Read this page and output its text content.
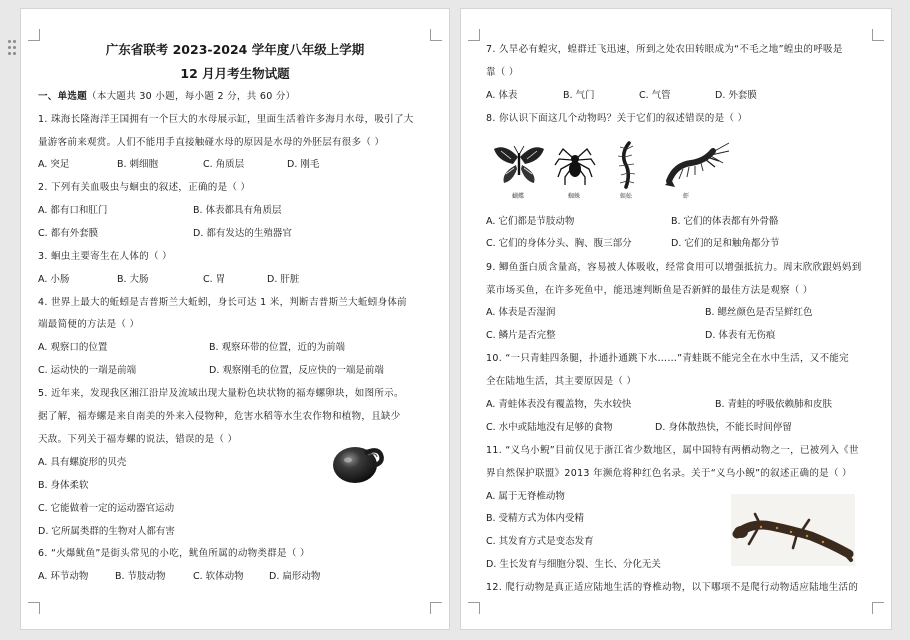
广东省联考 2023-2024 学年度八年级上学期
12 月月考生物试题
一、单选题（本大题共 30 小题，每小题 2 分，共 60 分）
1. 珠海长隆海洋王国拥有一个巨大的水母展示缸，里面生活着许多海月水母，吸引了大
量游客前来观赏。人们不能用手直接触碰水母的原因是水母的外胚层有很多（ ）
A. 突足	B. 刺细胞	C. 角质层	D. 刚毛
2. 下列有关血吸虫与蛔虫的叙述，正确的是（ ）
A. 都有口和肛门	B. 体表都具有角质层
C. 都有外套膜	D. 都有发达的生殖器官
3. 蛔虫主要寄生在人体的（ ）
A. 小肠	B. 大肠	C. 胃	D. 肝脏
4. 世界上最大的蚯蚓是吉普斯兰大蚯蚓，身长可达 1 米，判断吉普斯兰大蚯蚓身体前
端最简便的方法是（ ）
A. 观察口的位置	B. 观察环带的位置，近的为前端
C. 运动快的一端是前端	D. 观察刚毛的位置，反应快的一端是前端
5. 近年来，发现我区湘江沿岸及流域出现大量粉色块状物的福寿螺卵块，如图所示。
据了解，福寿螺是来自南美的外来入侵物种，危害水稻等水生农作物和植物，且缺少
天敌。下列关于福寿螺的说法，错误的是（ ）
A. 具有螺旋形的贝壳
B. 身体柔软
C. 它能做着一定的运动器官运动
D. 它所属类群的生物对人都有害
6. “火爆鱿鱼”是街头常见的小吃，鱿鱼所属的动物类群是（ ）
A. 环节动物	B. 节肢动物	C. 软体动物	D. 扁形动物
7. 久旱必有蝗灾，蝗群迁飞迅速，所到之处农田转眼成为“不毛之地”蝗虫的呼吸是
靠（ ）
A. 体表	B. 气门	C. 气管	D. 外套膜
8. 你认识下面这几个动物吗？关于它们的叙述错误的是（ ）
蝴蝶	蜘蛛	蜈蚣	虾
A. 它们都是节肢动物	B. 它们的体表都有外骨骼
C. 它们的身体分头、胸、腹三部分	D. 它们的足和触角都分节
9. 鲫鱼蛋白质含量高，容易被人体吸收，经常食用可以增强抵抗力。周末欣欣跟妈妈到
菜市场买鱼，在许多死鱼中，能迅速判断鱼是否新鲜的最佳方法是观察（ ）
A. 体表是否湿润	B. 鳃丝颜色是否呈鲜红色
C. 鳞片是否完整	D. 体表有无伤痕
10. “一只青蛙四条腿，扑通扑通跳下水……”青蛙既不能完全在水中生活，又不能完
全在陆地生活，其主要原因是（ ）
A. 青蛙体表没有覆盖物，失水较快	B. 青蛙的呼吸依赖肺和皮肤
C. 水中或陆地没有足够的食物	D. 身体散热快，不能长时间停留
11. “义乌小鲵”目前仅见于浙江省少数地区，属中国特有两栖动物之一，已被列入《世
界自然保护联盟》2013 年濒危将种红色名录。关于“义乌小鲵”的叙述正确的是（ ）
A. 属于无脊椎动物
B. 受精方式为体内受精
C. 其发育方式是变态发育
D. 生长发育与细胞分裂、生长、分化无关
12. 爬行动物是真正适应陆地生活的脊椎动物，以下哪项不是爬行动物适应陆地生活的
